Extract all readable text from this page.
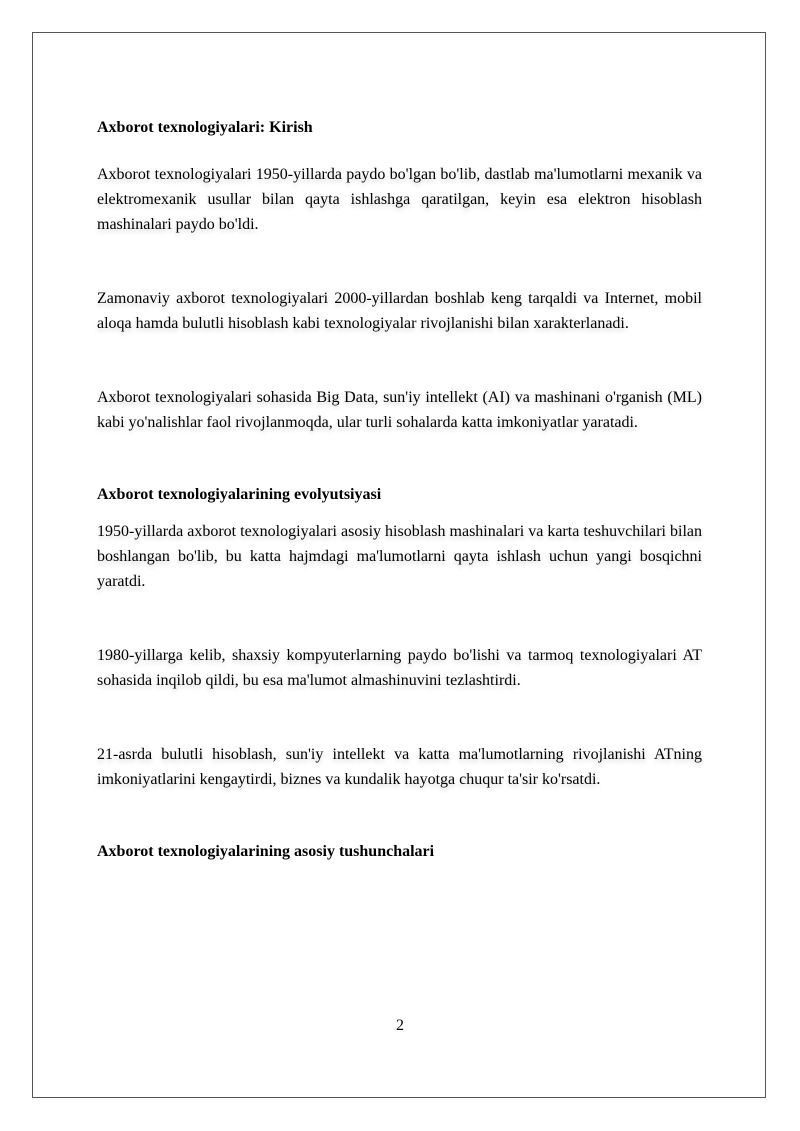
Axborot texnologiyalari: Kirish

Axborot texnologiyalari 1950-yillarda paydo bo'lgan bo'lib, dastlab ma'lumotlarni mexanik va elektromexanik usullar bilan qayta ishlashga qaratilgan, keyin esa elektron hisoblash mashinalari paydo bo'ldi.

Zamonaviy axborot texnologiyalari 2000-yillardan boshlab keng tarqaldi va Internet, mobil aloqa hamda bulutli hisoblash kabi texnologiyalar rivojlanishi bilan xarakterlanadi.

Axborot texnologiyalari sohasida Big Data, sun'iy intellekt (AI) va mashinani o'rganish (ML) kabi yo'nalishlar faol rivojlanmoqda, ular turli sohalarda katta imkoniyatlar yaratadi.

Axborot texnologiyalarining evolyutsiyasi

1950-yillarda axborot texnologiyalari asosiy hisoblash mashinalari va karta teshuvchilari bilan boshlangan bo'lib, bu katta hajmdagi ma'lumotlarni qayta ishlash uchun yangi bosqichni yaratdi.

1980-yillarga kelib, shaxsiy kompyuterlarning paydo bo'lishi va tarmoq texnologiyalari AT sohasida inqilob qildi, bu esa ma'lumot almashinuvini tezlashtirdi.

21-asrda bulutli hisoblash, sun'iy intellekt va katta ma'lumotlarning rivojlanishi ATning imkoniyatlarini kengaytirdi, biznes va kundalik hayotga chuqur ta'sir ko'rsatdi.

Axborot texnologiyalarining asosiy tushunchalari

2
